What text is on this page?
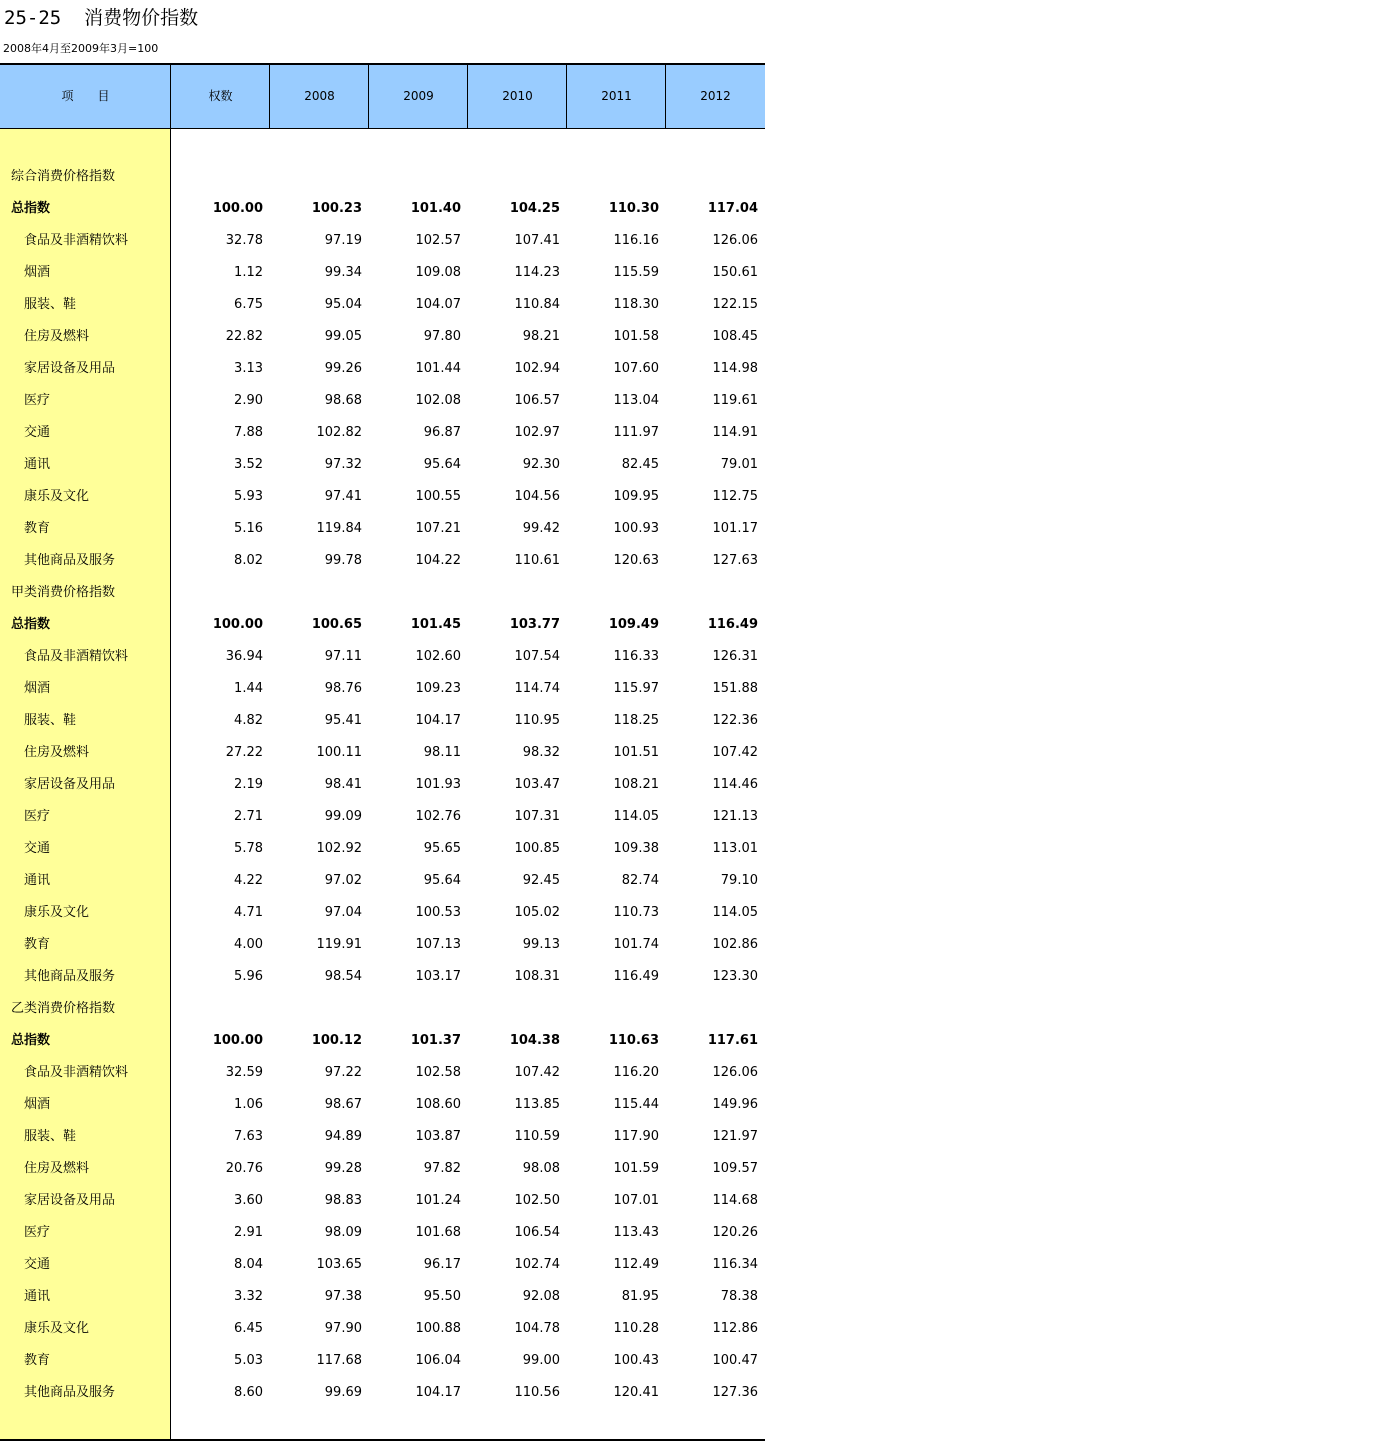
25-25  消费物价指数
2008年4月至2009年3月=100
项　　目	权数	2008	2009	2010	2011	2012
综合消费价格指数
总指数	100.00	100.23	101.40	104.25	110.30	117.04
食品及非酒精饮料	32.78	97.19	102.57	107.41	116.16	126.06
烟酒	1.12	99.34	109.08	114.23	115.59	150.61
服装、鞋	6.75	95.04	104.07	110.84	118.30	122.15
住房及燃料	22.82	99.05	97.80	98.21	101.58	108.45
家居设备及用品	3.13	99.26	101.44	102.94	107.60	114.98
医疗	2.90	98.68	102.08	106.57	113.04	119.61
交通	7.88	102.82	96.87	102.97	111.97	114.91
通讯	3.52	97.32	95.64	92.30	82.45	79.01
康乐及文化	5.93	97.41	100.55	104.56	109.95	112.75
教育	5.16	119.84	107.21	99.42	100.93	101.17
其他商品及服务	8.02	99.78	104.22	110.61	120.63	127.63
甲类消费价格指数
总指数	100.00	100.65	101.45	103.77	109.49	116.49
食品及非酒精饮料	36.94	97.11	102.60	107.54	116.33	126.31
烟酒	1.44	98.76	109.23	114.74	115.97	151.88
服装、鞋	4.82	95.41	104.17	110.95	118.25	122.36
住房及燃料	27.22	100.11	98.11	98.32	101.51	107.42
家居设备及用品	2.19	98.41	101.93	103.47	108.21	114.46
医疗	2.71	99.09	102.76	107.31	114.05	121.13
交通	5.78	102.92	95.65	100.85	109.38	113.01
通讯	4.22	97.02	95.64	92.45	82.74	79.10
康乐及文化	4.71	97.04	100.53	105.02	110.73	114.05
教育	4.00	119.91	107.13	99.13	101.74	102.86
其他商品及服务	5.96	98.54	103.17	108.31	116.49	123.30
乙类消费价格指数
总指数	100.00	100.12	101.37	104.38	110.63	117.61
食品及非酒精饮料	32.59	97.22	102.58	107.42	116.20	126.06
烟酒	1.06	98.67	108.60	113.85	115.44	149.96
服装、鞋	7.63	94.89	103.87	110.59	117.90	121.97
住房及燃料	20.76	99.28	97.82	98.08	101.59	109.57
家居设备及用品	3.60	98.83	101.24	102.50	107.01	114.68
医疗	2.91	98.09	101.68	106.54	113.43	120.26
交通	8.04	103.65	96.17	102.74	112.49	116.34
通讯	3.32	97.38	95.50	92.08	81.95	78.38
康乐及文化	6.45	97.90	100.88	104.78	110.28	112.86
教育	5.03	117.68	106.04	99.00	100.43	100.47
其他商品及服务	8.60	99.69	104.17	110.56	120.41	127.36
